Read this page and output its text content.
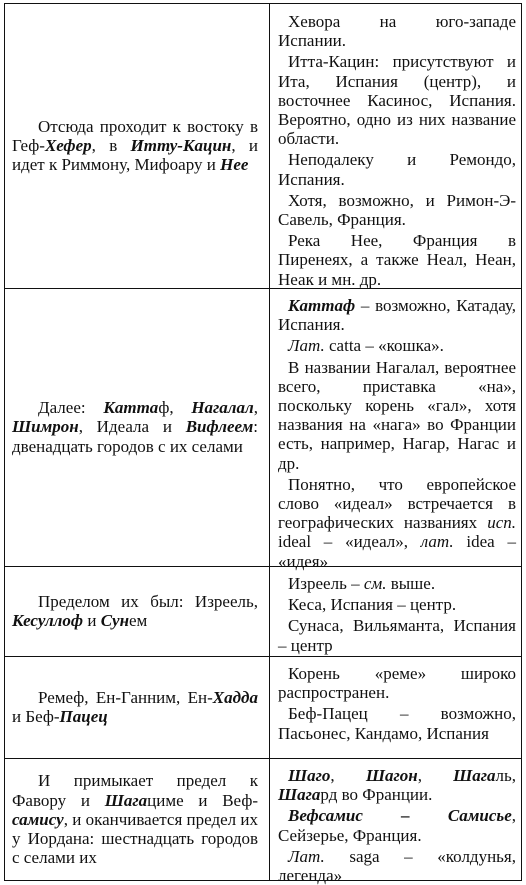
Отсюда проходит к востоку в Геф-Хефер, в Итту-Кацин, и идет к Риммону, Мифоару и Нее

Хевора на юго-западе Испании.

Итта-Кацин: присутствуют и Ита, Испания (центр), и восточнее Касинос, Испания. Вероятно, одно из них название области.

Неподалеку и Ремондо, Испания.

Хотя, возможно, и Римон-Э-Савель, Франция.

Река Нее, Франция в Пиренеях, а также Неал, Неан, Неак и мн. др.

Далее: Каттаф, Нагалал, Шимрон, Идеала и Вифлеем: двенадцать городов с их селами

Каттаф – возможно, Катадау, Испания.

Лат. catta – «кошка».

В названии Нагалал, вероятнее всего, приставка «на», поскольку корень «гал», хотя названия на «нага» во Франции есть, например, Нагар, Нагас и др.

Понятно, что европейское слово «идеал» встречается в географических названиях исп. ideal – «идеал», лат. idea – «идея»

Пределом их был: Изреель, Кесуллоф и Сунем

Изреель – см. выше.

Кеса, Испания – центр.

Сунаса, Вильяманта, Испания – центр

Ремеф, Ен-Ганним, Ен-Хадда и Беф-Пацец

Корень «реме» широко распространен.

Беф-Пацец – возможно, Пасьонес, Кандамо, Испания

И примыкает предел к Фавору и Шагациме и Веф-самису, и оканчивается предел их у Иордана: шестнадцать городов с селами их

Шаго, Шагон, Шагаль, Шагард во Франции.

Вефсамис – Самисье, Сейзерье, Франция.

Лат. saga – «колдунья, легенда»
